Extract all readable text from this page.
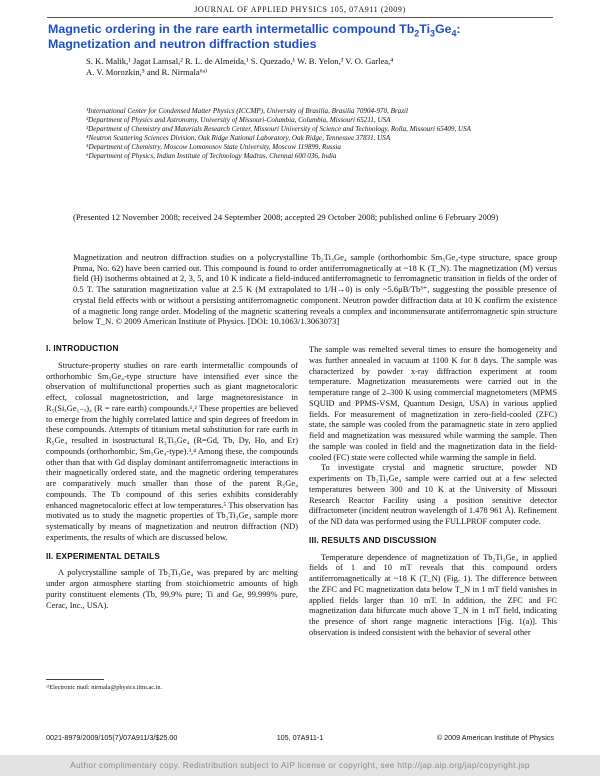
JOURNAL OF APPLIED PHYSICS 105, 07A911 (2009)
Magnetic ordering in the rare earth intermetallic compound $Tb_2Ti_3Ge_4$:
Magnetization and neutron diffraction studies
S. K. Malik,¹ Jagat Lamsal,² R. L. de Almeida,¹ S. Quezado,¹ W. B. Yelon,³ V. O. Garlea,⁴
A. V. Morozkin,⁵ and R. Nirmala⁶ᵃ⁾
¹International Center for Condensed Matter Physics (ICCMP), University of Brasilia, Brasilia 70904-970, Brazil
²Department of Physics and Astronomy, University of Missouri-Columbia, Columbia, Missouri 65211, USA
³Department of Chemistry and Materials Research Center, Missouri University of Science and Technology, Rolla, Missouri 65409, USA
⁴Neutron Scattering Sciences Division, Oak Ridge National Laboratory, Oak Ridge, Tennessee 37831, USA
⁵Department of Chemistry, Moscow Lomonosov State University, Moscow 119899, Russia
⁶Department of Physics, Indian Institute of Technology Madras, Chennai 600 036, India
(Presented 12 November 2008; received 24 September 2008; accepted 29 October 2008; published online 6 February 2009)
Magnetization and neutron diffraction studies on a polycrystalline Tb₂Ti₃Ge₄ sample (orthorhombic Sm₅Ge₄-type structure, space group Pnma, No. 62) have been carried out. This compound is found to order antiferromagnetically at ~18 K (T_N). The magnetization (M) versus field (H) isotherms obtained at 2, 3, 5, and 10 K indicate a field-induced antiferromagnetic to ferromagnetic transition in fields of the order of 0.5 T. The saturation magnetization value at 2.5 K (M extrapolated to 1/H→0) is only ~5.6μB/Tb³⁺, suggesting the possible presence of crystal field effects with or without a persisting antiferromagnetic component. Neutron powder diffraction data at 10 K confirm the existence of a magnetic long range order. Modeling of the magnetic scattering reveals a complex and incommensurate antiferromagnetic spin structure below T_N. © 2009 American Institute of Physics. [DOI: 10.1063/1.3063073]
I. INTRODUCTION

Structure-property studies on rare earth intermetallic compounds of orthorhombic Sm₅Ge₄-type structure have intensified ever since the observation of multifunctional properties such as giant magnetocaloric effect, colossal magnetostriction, and large magnetoresistance in R₅(SiₓGe₁₋ₓ)₄ (R = rare earth) compounds.¹,² These properties are believed to emerge from the highly correlated lattice and spin degrees of freedom in these compounds. Attempts of titanium metal substitution for rare earth in R₅Ge₄ resulted in isostructural R₂Ti₃Ge₄ (R=Gd, Tb, Dy, Ho, and Er) compounds (orthorhombic, Sm₅Ge₄-type).³,⁴ Among these, the compounds other than that with Gd display dominant antiferromagnetic interactions in their magnetically ordered state, and the magnetic ordering temperatures are comparatively much smaller than those of the parent R₅Ge₄ compounds. The Tb compound of this series exhibits considerably enhanced magnetocaloric effect at low temperatures.⁵ This observation has motivated us to study the magnetic properties of Tb₂Ti₃Ge₄ sample more systematically by means of magnetization and neutron diffraction (ND) experiments, the results of which are discussed below.

II. EXPERIMENTAL DETAILS

A polycrystalline sample of Tb₂Ti₃Ge₄ was prepared by arc melting under argon atmosphere starting from stoichiometric amounts of high purity constituent elements (Tb, 99.9% pure; Ti and Ge, 99.999% pure, Cerac, Inc., USA).

The sample was remelted several times to ensure the homogeneity and was further annealed in vacuum at 1100 K for 8 days. The sample was characterized by powder x-ray diffraction experiment at room temperature. Magnetization measurements were carried out in the temperature range of 2–300 K using commercial magnetometers (MPMS SQUID and PPMS-VSM, Quantum Design, USA) in various applied fields. For measurement of magnetization in zero-field-cooled (ZFC) state, the sample was cooled from the paramagnetic state in zero applied field and magnetization was measured while warming the sample. Then the sample was cooled in field and the magnetization data in the field-cooled (FC) state were collected while warming the sample in field.

To investigate crystal and magnetic structure, powder ND experiments on Tb₂Ti₃Ge₄ sample were carried out at a few selected temperatures between 300 and 10 K at the University of Missouri Research Reactor Facility using a position sensitive detector diffractometer (incident neutron wavelength of 1.478 961 Å). Refinement of the ND data was performed using the FULLPROF computer code.

III. RESULTS AND DISCUSSION

Temperature dependence of magnetization of Tb₂Ti₃Ge₄ in applied fields of 1 and 10 mT reveals that this compound orders antiferromagnetically at ~18 K (T_N) (Fig. 1). The difference between the ZFC and FC magnetization data below T_N in 1 mT field vanishes in applied fields larger than 10 mT. In addition, the ZFC and FC magnetization data bifurcate much above T_N in 1 mT field, indicating the presence of short range magnetic interactions [Fig. 1(a)]. This observation is indeed consistent with the behavior of several other

ᵃ⁾Electronic mail: nirmala@physics.iitm.ac.in.
0021-8979/2009/105(7)/07A911/3/$25.00	105, 07A911-1	© 2009 American Institute of Physics
Author complimentary copy. Redistribution subject to AIP license or copyright, see http://jap.aip.org/jap/copyright.jsp
